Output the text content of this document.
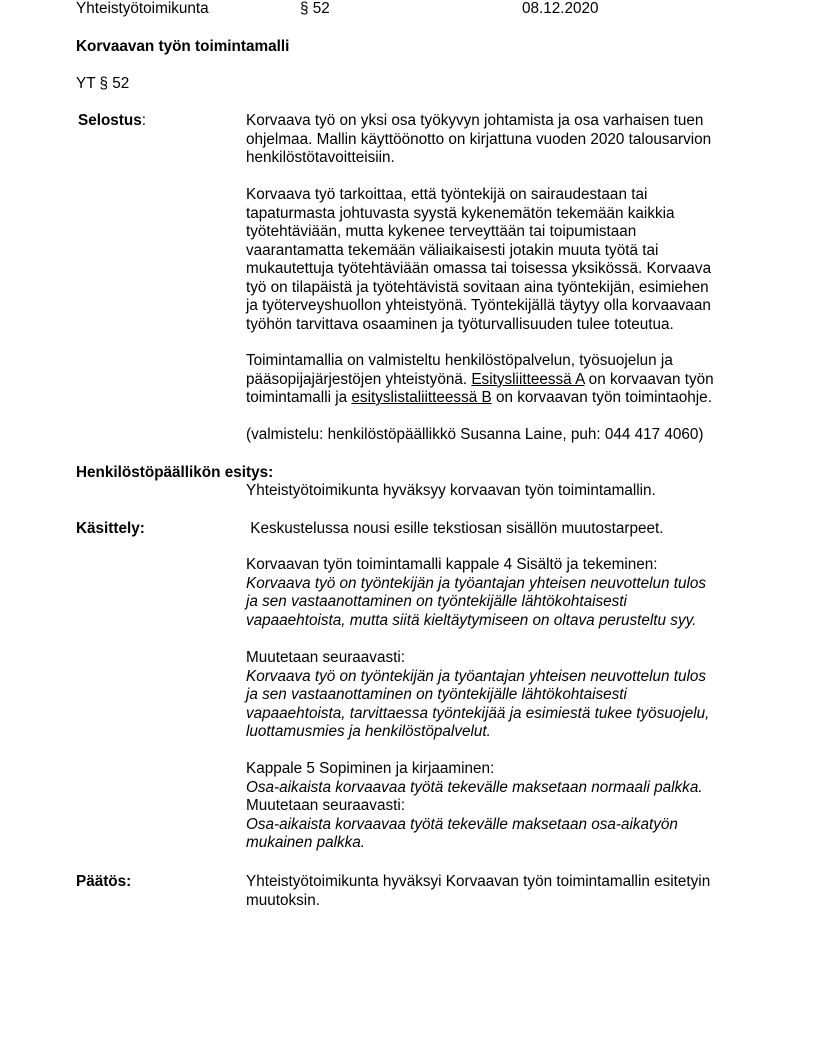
Yhteistyötoimikunta	§ 52	08.12.2020
Korvaavan työn toimintamalli
YT § 52
Selostus:	Korvaava työ on yksi osa työkyvyn johtamista ja osa varhaisen tuen
ohjelmaa. Mallin käyttöönotto on kirjattuna vuoden 2020 talousarvion
henkilöstötavoitteisiin.
Korvaava työ tarkoittaa, että työntekijä on sairaudestaan tai
tapaturmasta johtuvasta syystä kykenemätön tekemään kaikkia
työtehtäviään, mutta kykenee terveyttään tai toipumistaan
vaarantamatta tekemään väliaikaisesti jotakin muuta työtä tai
mukautettuja työtehtäviään omassa tai toisessa yksikössä. Korvaava
työ on tilapäistä ja työtehtävistä sovitaan aina työntekijän, esimiehen
ja työterveyshuollon yhteistyönä. Työntekijällä täytyy olla korvaavaan
työhön tarvittava osaaminen ja työturvallisuuden tulee toteutua.
Toimintamallia on valmisteltu henkilöstöpalvelun, työsuojelun ja
pääsopijajärjestöjen yhteistyönä. Esitysliitteessä A on korvaavan työn
toimintamalli ja esityslistaliitteessä B on korvaavan työn toimintaohje.
(valmistelu: henkilöstöpäällikkö Susanna Laine, puh: 044 417 4060)
Henkilöstöpäällikön esitys:
Yhteistyötoimikunta hyväksyy korvaavan työn toimintamallin.
Käsittely:	Keskustelussa nousi esille tekstiosan sisällön muutostarpeet.
Korvaavan työn toimintamalli kappale 4 Sisältö ja tekeminen:
Korvaava työ on työntekijän ja työantajan yhteisen neuvottelun tulos
ja sen vastaanottaminen on työntekijälle lähtökohtaisesti
vapaaehtoista, mutta siitä kieltäytymiseen on oltava perusteltu syy.
Muutetaan seuraavasti:
Korvaava työ on työntekijän ja työantajan yhteisen neuvottelun tulos
ja sen vastaanottaminen on työntekijälle lähtökohtaisesti
vapaaehtoista, tarvittaessa työntekijää ja esimiestä tukee työsuojelu,
luottamusmies ja henkilöstöpalvelut.
Kappale 5 Sopiminen ja kirjaaminen:
Osa-aikaista korvaavaa työtä tekevälle maksetaan normaali palkka.
Muutetaan seuraavasti:
Osa-aikaista korvaavaa työtä tekevälle maksetaan osa-aikatyön
mukainen palkka.
Päätös:	Yhteistyötoimikunta hyväksyi Korvaavan työn toimintamallin esitetyin
muutoksin.
